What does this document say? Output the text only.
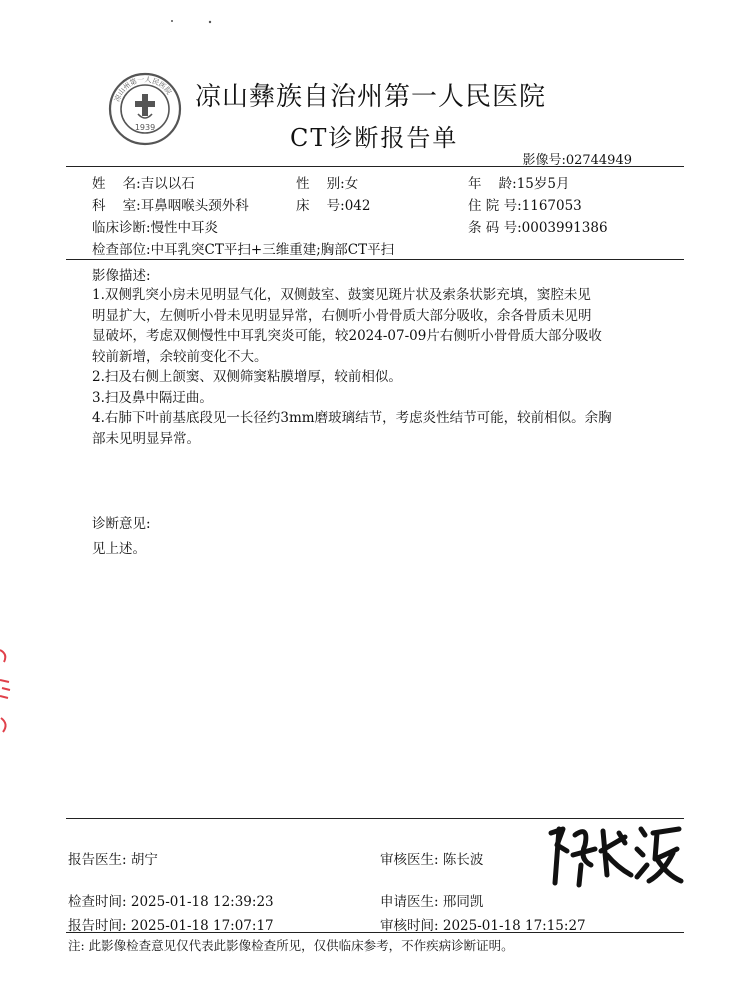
凉山州第一人民医院
1939
凉山彝族自治州第一人民医院
CT诊断报告单
影像号:02744949
姓    名:吉以以石	性    别:女	年    龄:15岁5月
科    室:耳鼻咽喉头颈外科	床    号:042	住 院 号:1167053
临床诊断:慢性中耳炎	条 码 号:0003991386
检查部位:中耳乳突CT平扫+三维重建;胸部CT平扫
影像描述:

1.双侧乳突小房未见明显气化，双侧鼓室、鼓窦见斑片状及索条状影充填，窦腔未见

明显扩大，左侧听小骨未见明显异常，右侧听小骨骨质大部分吸收，余各骨质未见明

显破坏，考虑双侧慢性中耳乳突炎可能，较2024-07-09片右侧听小骨骨质大部分吸收

较前新增，余较前变化不大。

2.扫及右侧上颌窦、双侧筛窦粘膜增厚，较前相似。

3.扫及鼻中隔迂曲。

4.右肺下叶前基底段见一长径约3mm磨玻璃结节，考虑炎性结节可能，较前相似。余胸

部未见明显异常。

诊断意见:
见上述。
报告医生: 胡宁	审核医生: 陈长波
检查时间: 2025-01-18 12:39:23	申请医生: 邢同凯
报告时间: 2025-01-18 17:07:17	审核时间: 2025-01-18 17:15:27
注: 此影像检查意见仅代表此影像检查所见，仅供临床参考，不作疾病诊断证明。
